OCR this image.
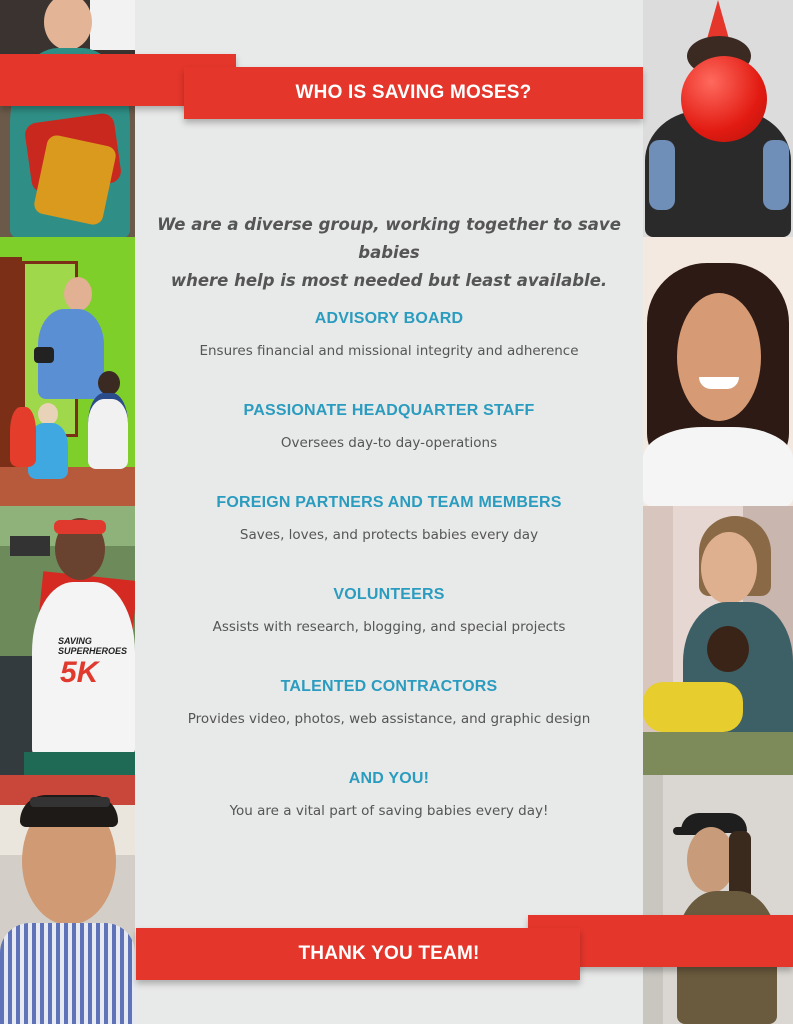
SAVING
SUPERHEROES
5K
WHO IS SAVING MOSES?
We are a diverse group, working together to save babies
where help is most needed but least available.
ADVISORY BOARD

Ensures financial and missional integrity and adherence

PASSIONATE HEADQUARTER STAFF

Oversees day-to day-operations

FOREIGN PARTNERS AND TEAM MEMBERS

Saves, loves, and protects babies every day

VOLUNTEERS

Assists with research, blogging, and special projects

TALENTED CONTRACTORS

Provides video, photos, web assistance, and graphic design

AND YOU!

You are a vital part of saving babies every day!

THANK YOU TEAM!
